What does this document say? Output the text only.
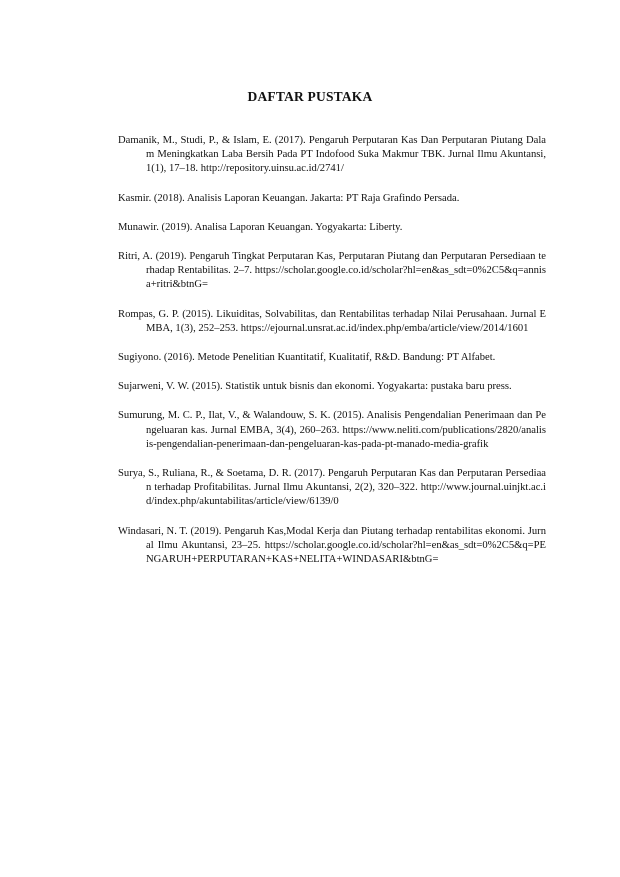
DAFTAR PUSTAKA
Damanik, M., Studi, P., & Islam, E. (2017). Pengaruh Perputaran Kas Dan Perputaran Piutang Dalam Meningkatkan Laba Bersih Pada PT Indofood Suka Makmur TBK. Jurnal Ilmu Akuntansi, 1(1), 17–18. http://repository.uinsu.ac.id/2741/
Kasmir. (2018). Analisis Laporan Keuangan. Jakarta: PT Raja Grafindo Persada.
Munawir. (2019). Analisa Laporan Keuangan. Yogyakarta: Liberty.
Ritri, A. (2019). Pengaruh Tingkat Perputaran Kas, Perputaran Piutang dan Perputaran Persediaan terhadap Rentabilitas. 2–7. https://scholar.google.co.id/scholar?hl=en&as_sdt=0%2C5&q=annisa+ritri&btnG=
Rompas, G. P. (2015). Likuiditas, Solvabilitas, dan Rentabilitas terhadap Nilai Perusahaan. Jurnal EMBA, 1(3), 252–253. https://ejournal.unsrat.ac.id/index.php/emba/article/view/2014/1601
Sugiyono. (2016). Metode Penelitian Kuantitatif, Kualitatif, R&D. Bandung: PT Alfabet.
Sujarweni, V. W. (2015). Statistik untuk bisnis dan ekonomi. Yogyakarta: pustaka baru press.
Sumurung, M. C. P., Ilat, V., & Walandouw, S. K. (2015). Analisis Pengendalian Penerimaan dan Pengeluaran kas. Jurnal EMBA, 3(4), 260–263. https://www.neliti.com/publications/2820/analisis-pengendalian-penerimaan-dan-pengeluaran-kas-pada-pt-manado-media-grafik
Surya, S., Ruliana, R., & Soetama, D. R. (2017). Pengaruh Perputaran Kas dan Perputaran Persediaan terhadap Profitabilitas. Jurnal Ilmu Akuntansi, 2(2), 320–322. http://www.journal.uinjkt.ac.id/index.php/akuntabilitas/article/view/6139/0
Windasari, N. T. (2019). Pengaruh Kas,Modal Kerja dan Piutang terhadap rentabilitas ekonomi. Jurnal Ilmu Akuntansi, 23–25. https://scholar.google.co.id/scholar?hl=en&as_sdt=0%2C5&q=PENGARUH+PERPUTARAN+KAS+NELITA+WINDASARI&btnG=
